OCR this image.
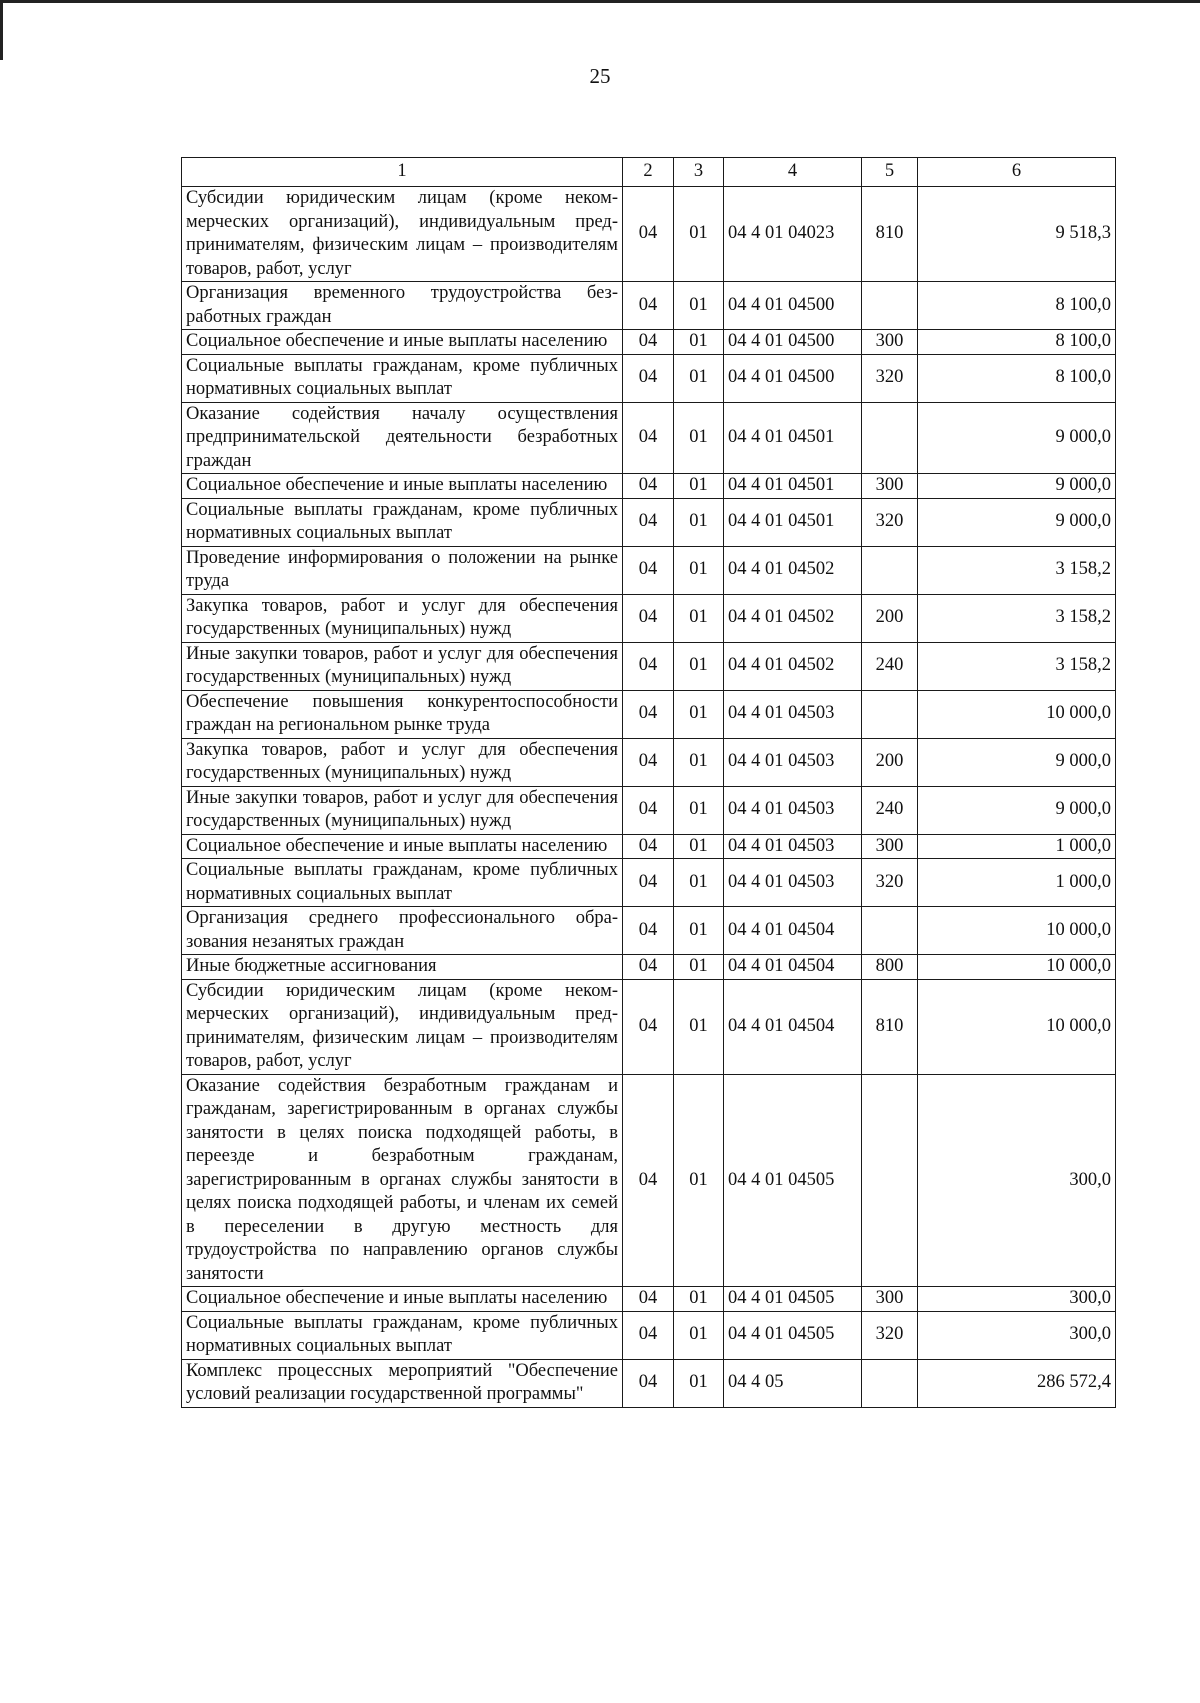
25
1	2	3	4	5	6
Субсидии юридическим лицам (кроме некоммерческих организаций), индивидуальным предпринимателям, физическим лицам – производителям товаров, работ, услуг	04	01	04 4 01 04023	810	9 518,3
Организация временного трудоустройства безработных граждан	04	01	04 4 01 04500		8 100,0
Социальное обеспечение и иные выплаты населению	04	01	04 4 01 04500	300	8 100,0
Социальные выплаты гражданам, кроме публичных нормативных социальных выплат	04	01	04 4 01 04500	320	8 100,0
Оказание содействия началу осуществления предпринимательской деятельности безработных граждан	04	01	04 4 01 04501		9 000,0
Социальное обеспечение и иные выплаты населению	04	01	04 4 01 04501	300	9 000,0
Социальные выплаты гражданам, кроме публичных нормативных социальных выплат	04	01	04 4 01 04501	320	9 000,0
Проведение информирования о положении на рынке труда	04	01	04 4 01 04502		3 158,2
Закупка товаров, работ и услуг для обеспечения государственных (муниципальных) нужд	04	01	04 4 01 04502	200	3 158,2
Иные закупки товаров, работ и услуг для обеспечения государственных (муниципальных) нужд	04	01	04 4 01 04502	240	3 158,2
Обеспечение повышения конкурентоспособности граждан на региональном рынке труда	04	01	04 4 01 04503		10 000,0
Закупка товаров, работ и услуг для обеспечения государственных (муниципальных) нужд	04	01	04 4 01 04503	200	9 000,0
Иные закупки товаров, работ и услуг для обеспечения государственных (муниципальных) нужд	04	01	04 4 01 04503	240	9 000,0
Социальное обеспечение и иные выплаты населению	04	01	04 4 01 04503	300	1 000,0
Социальные выплаты гражданам, кроме публичных нормативных социальных выплат	04	01	04 4 01 04503	320	1 000,0
Организация среднего профессионального образования незанятых граждан	04	01	04 4 01 04504		10 000,0
Иные бюджетные ассигнования	04	01	04 4 01 04504	800	10 000,0
Субсидии юридическим лицам (кроме некоммерческих организаций), индивидуальным предпринимателям, физическим лицам – производителям товаров, работ, услуг	04	01	04 4 01 04504	810	10 000,0
Оказание содействия безработным гражданам и гражданам, зарегистрированным в органах службы занятости в целях поиска подходящей работы, в переезде и безработным гражданам, зарегистрированным в органах службы занятости в целях поиска подходящей работы, и членам их семей в переселении в другую местность для трудоустройства по направлению органов службы занятости	04	01	04 4 01 04505		300,0
Социальное обеспечение и иные выплаты населению	04	01	04 4 01 04505	300	300,0
Социальные выплаты гражданам, кроме публичных нормативных социальных выплат	04	01	04 4 01 04505	320	300,0
Комплекс процессных мероприятий "Обеспечение условий реализации государственной программы"	04	01	04 4 05		286 572,4
